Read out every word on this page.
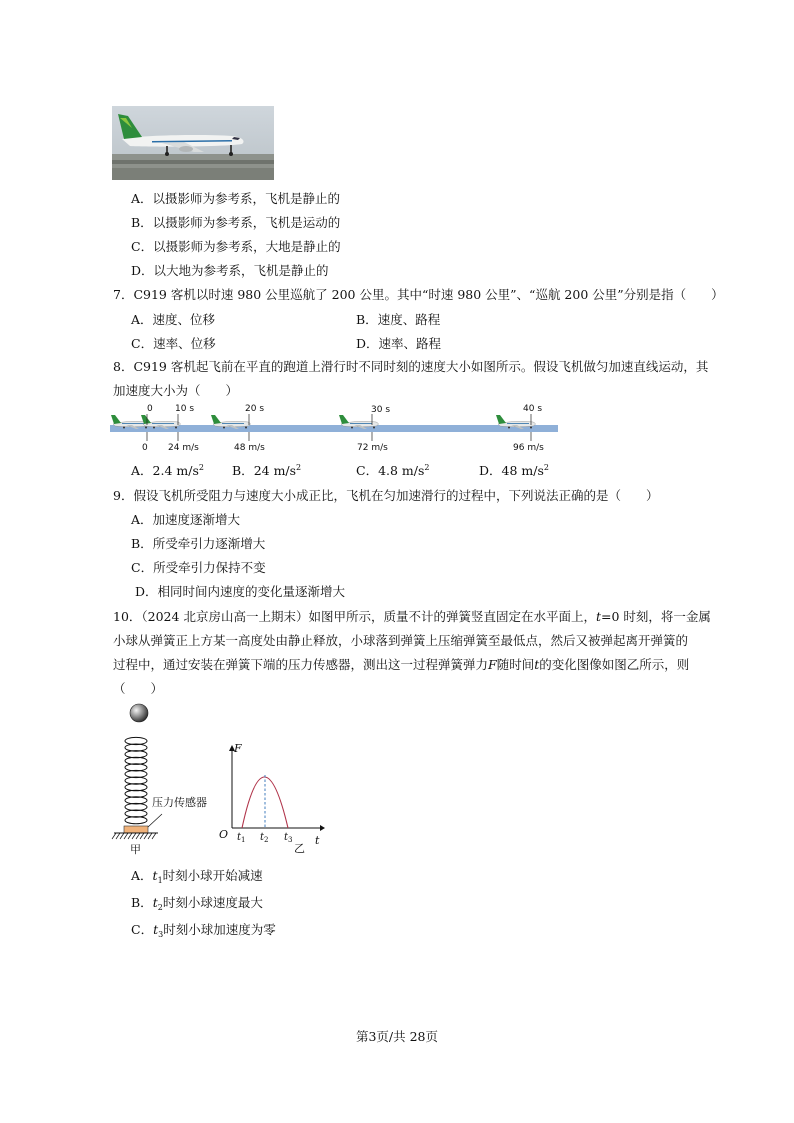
A．以摄影师为参考系，飞机是静止的
B．以摄影师为参考系，飞机是运动的
C．以摄影师为参考系，大地是静止的
D．以大地为参考系，飞机是静止的
7．C919 客机以时速 980 公里巡航了 200 公里。其中“时速 980 公里”、“巡航 200 公里”分别是指（　　）
A．速度、位移	B．速度、路程
C．速率、位移	D．速率、路程
8．C919 客机起飞前在平直的跑道上滑行时不同时刻的速度大小如图所示。假设飞机做匀加速直线运动，其
加速度大小为（　　）
0 10 s	20 s	30 s	40 s
0 24 m/s	48 m/s	72 m/s	96 m/s
A．2.4 $m/s^2$ B．24 $m/s^2$	C．4.8 $m/s^2$	D．48 $m/s^2$
9．假设飞机所受阻力与速度大小成正比，飞机在匀加速滑行的过程中，下列说法正确的是（　　）
A．加速度逐渐增大
B．所受牵引力逐渐增大
C．所受牵引力保持不变
D．相同时间内速度的变化量逐渐增大
10．（2024 北京房山高一上期末）如图甲所示，质量不计的弹簧竖直固定在水平面上，t=0 时刻，将一金属
小球从弹簧正上方某一高度处由静止释放，小球落到弹簧上压缩弹簧至最低点，然后又被弹起离开弹簧的
过程中，通过安装在弹簧下端的压力传感器，测出这一过程弹簧弹力F随时间t的变化图像如图乙所示，则
（　　）
压力传感器
甲
F
t
O $t_1$ $t_2$ $t_3$
乙
A．$t_1$时刻小球开始减速
B．$t_2$时刻小球速度最大
C．$t_3$时刻小球加速度为零
第3页/共 28页
